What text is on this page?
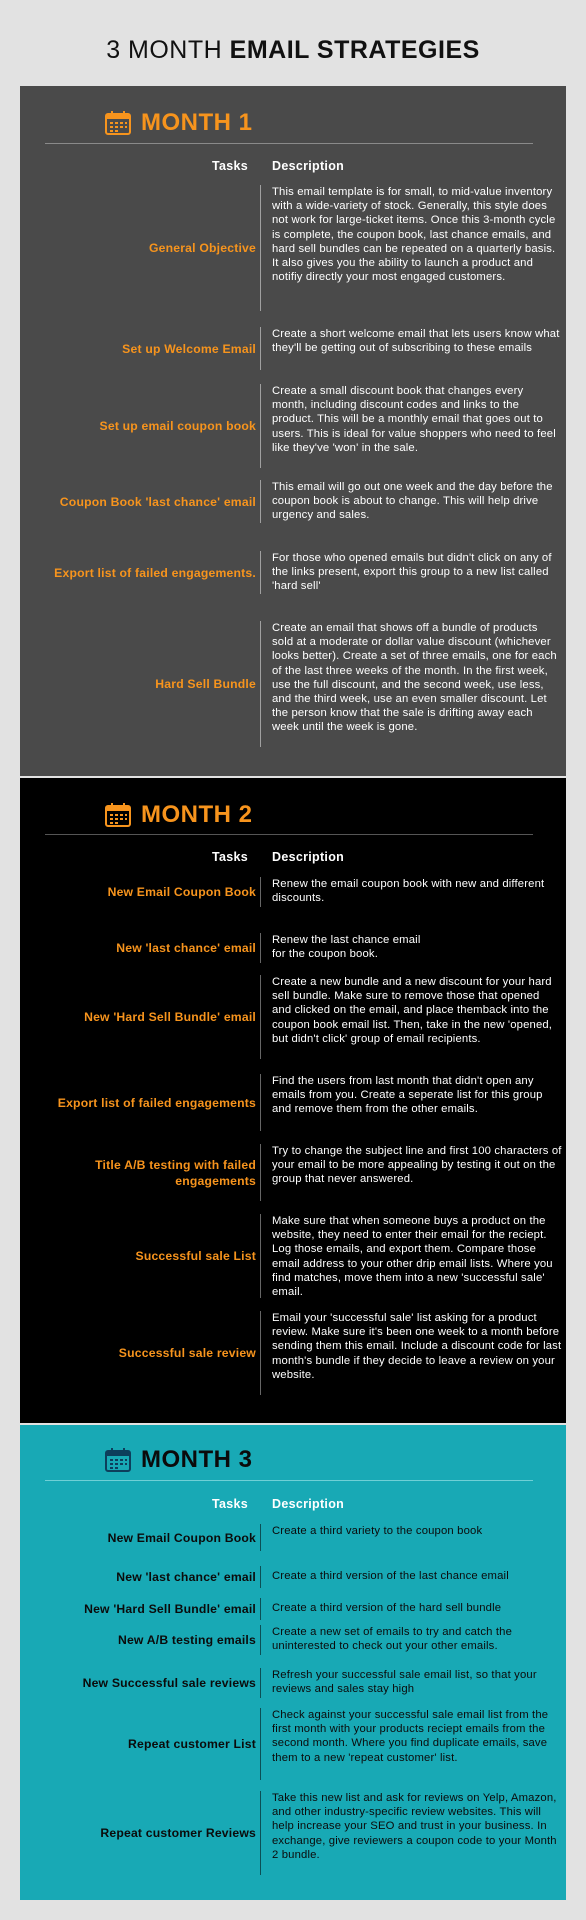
3 MONTH EMAIL STRATEGIES
MONTH 1
Tasks Description
General Objective
This email template is for small, to mid-value inventory with a wide-variety of stock. Generally, this style does not work for large-ticket items. Once this 3-month cycle is complete, the coupon book, last chance emails, and hard sell bundles can be repeated on a quarterly basis. It also gives you the ability to launch a product and notifiy directly your most engaged customers.
Set up Welcome Email
Create a short welcome email that lets users know what they'll be getting out of subscribing to these emails
Set up email coupon book
Create a small discount book that changes every month, including discount codes and links to the product. This will be a monthly email that goes out to users. This is ideal for value shoppers who need to feel like they've 'won' in the sale.
Coupon Book 'last chance' email
This email will go out one week and the day before the coupon book is about to change. This will help drive urgency and sales.
Export list of failed engagements.
For those who opened emails but didn't click on any of the links present, export this group to a new list called 'hard sell'
Hard Sell Bundle
Create an email that shows off a bundle of products sold at a moderate or dollar value discount (whichever looks better). Create a set of three emails, one for each of the last three weeks of the month. In the first week, use the full discount, and the second week, use less, and the third week, use an even smaller discount. Let the person know that the sale is drifting away each week until the week is gone.
MONTH 2
Tasks Description
New Email Coupon Book
Renew the email coupon book with new and different discounts.
New 'last chance' email
Renew the last chance email for the coupon book.
New 'Hard Sell Bundle' email
Create a new bundle and a new discount for your hard sell bundle. Make sure to remove those that opened and clicked on the email, and place themback into the coupon book email list. Then, take in the new 'opened, but didn't click' group of email recipients.
Export list of failed engagements
Find the users from last month that didn't open any emails from you. Create a seperate list for this group and remove them from the other emails.
Title A/B testing with failed engagements
Try to change the subject line and first 100 characters of your email to be more appealing by testing it out on the group that never answered.
Successful sale List
Make sure that when someone buys a product on the website, they need to enter their email for the reciept. Log those emails, and export them. Compare those email address to your other drip email lists. Where you find matches, move them into a new 'successful sale' email.
Successful sale review
Email your 'successful sale' list asking for a product review. Make sure it's been one week to a month before sending them this email. Include a discount code for last month's bundle if they decide to leave a review on your website.
MONTH 3
Tasks Description
New Email Coupon Book Create a third variety to the coupon book
New 'last chance' email Create a third version of the last chance email
New 'Hard Sell Bundle' email Create a third version of the hard sell bundle
New A/B testing emails
Create a new set of emails to try and catch the uninterested to check out your other emails.
New Successful sale reviews
Refresh your successful sale email list, so that your reviews and sales stay high
Repeat customer List
Check against your successful sale email list from the first month with your products reciept emails from the second month. Where you find duplicate emails, save them to a new 'repeat customer' list.
Repeat customer Reviews
Take this new list and ask for reviews on Yelp, Amazon, and other industry-specific review websites. This will help increase your SEO and trust in your business. In exchange, give reviewers a coupon code to your Month 2 bundle.
